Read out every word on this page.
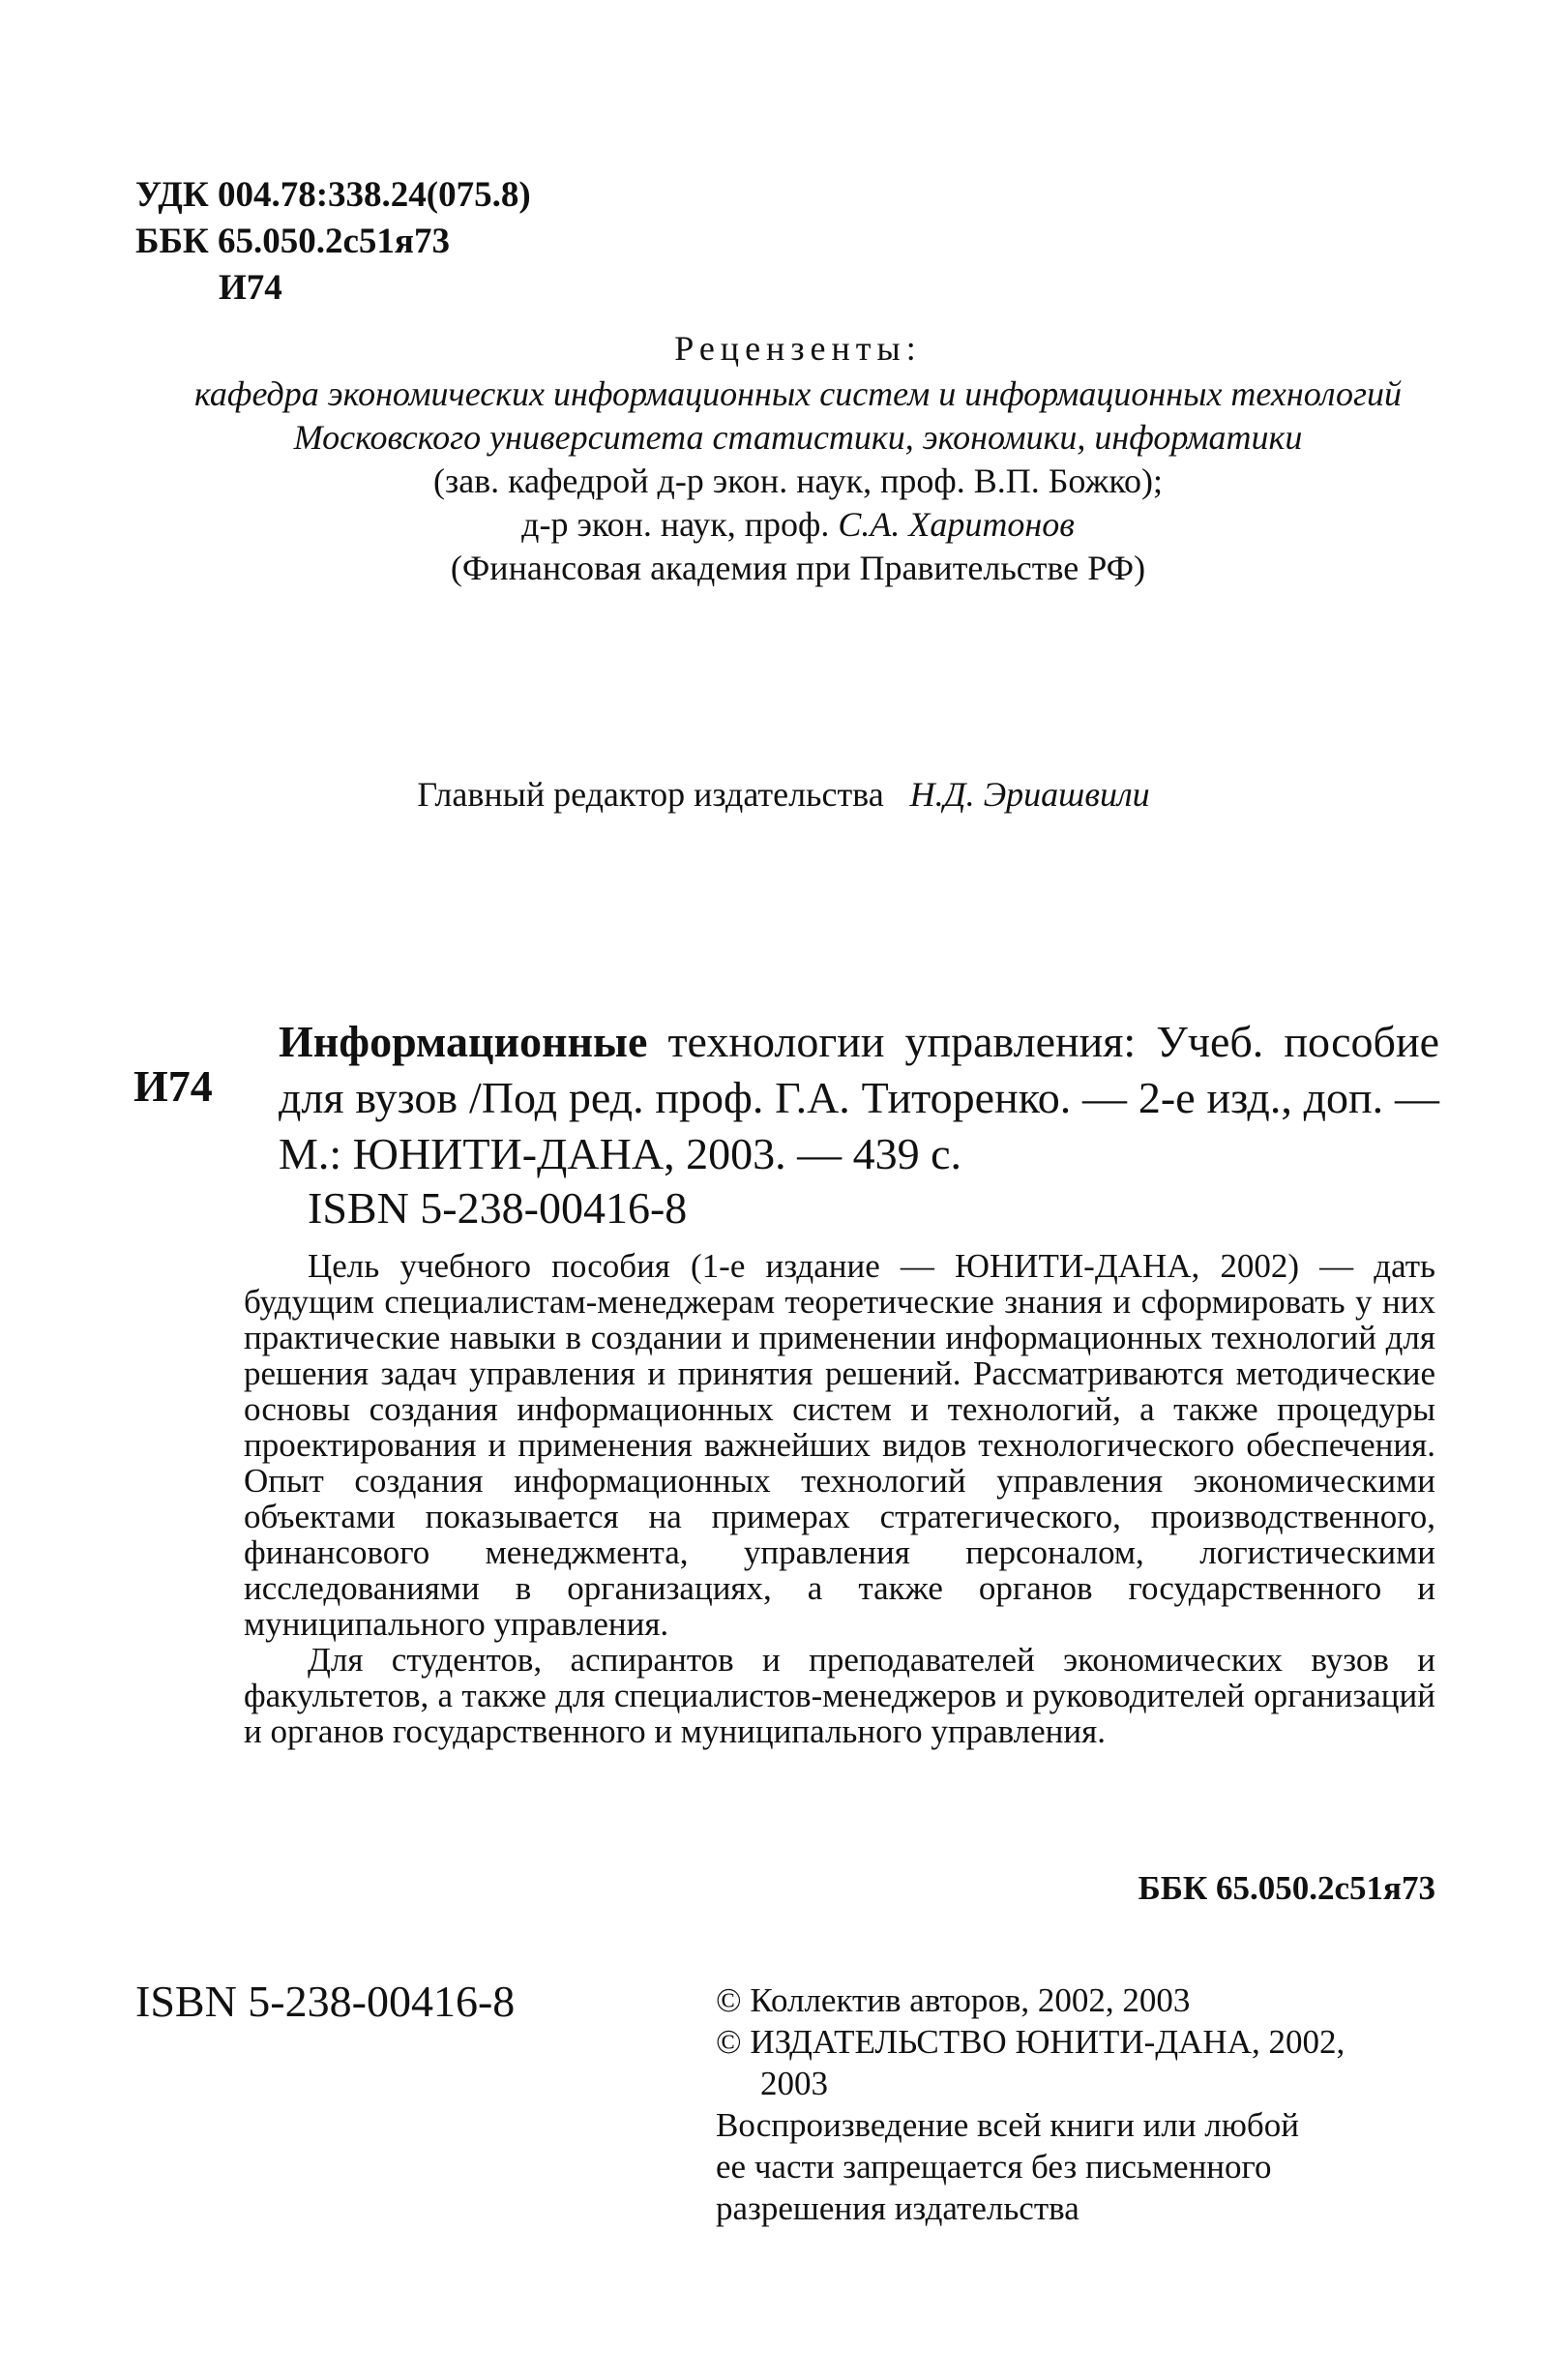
УДК 004.78:338.24(075.8)
ББК 65.050.2с51я73
И74
Рецензенты:
кафедра экономических информационных систем и информационных технологий
Московского университета статистики, экономики, информатики
(зав. кафедрой д-р экон. наук, проф. В.П. Божко);
д-р экон. наук, проф. С.А. Харитонов
(Финансовая академия при Правительстве РФ)
Главный редактор издательства Н.Д. Эриашвили
И74
Информационные технологии управления: Учеб. пособие
для вузов /Под ред. проф. Г.А. Титоренко. — 2-е изд., доп. —
М.: ЮНИТИ-ДАНА, 2003. — 439 с.
ISBN 5-238-00416-8

Цель учебного пособия (1-е издание — ЮНИТИ-ДАНА, 2002) — дать будущим специалистам-менеджерам теоретические знания и сформировать у них практические навыки в создании и применении информационных технологий для решения задач управления и принятия решений. Рассматриваются методические основы создания информационных систем и технологий, а также процедуры проектирования и применения важнейших видов технологического обеспечения. Опыт создания информационных технологий управления экономическими объектами показывается на примерах стратегического, производственного, финансового менеджмента, управления персоналом, логистическими исследованиями в организациях, а также органов государственного и муниципального управления.

Для студентов, аспирантов и преподавателей экономических вузов и факультетов, а также для специалистов-менеджеров и руководителей организаций и органов государственного и муниципального управления.

ББК 65.050.2с51я73
ISBN 5-238-00416-8	© Коллектив авторов, 2002, 2003
© ИЗДАТЕЛЬСТВО ЮНИТИ-ДАНА, 2002,
2003
Воспроизведение всей книги или любой
ее части запрещается без письменного
разрешения издательства
